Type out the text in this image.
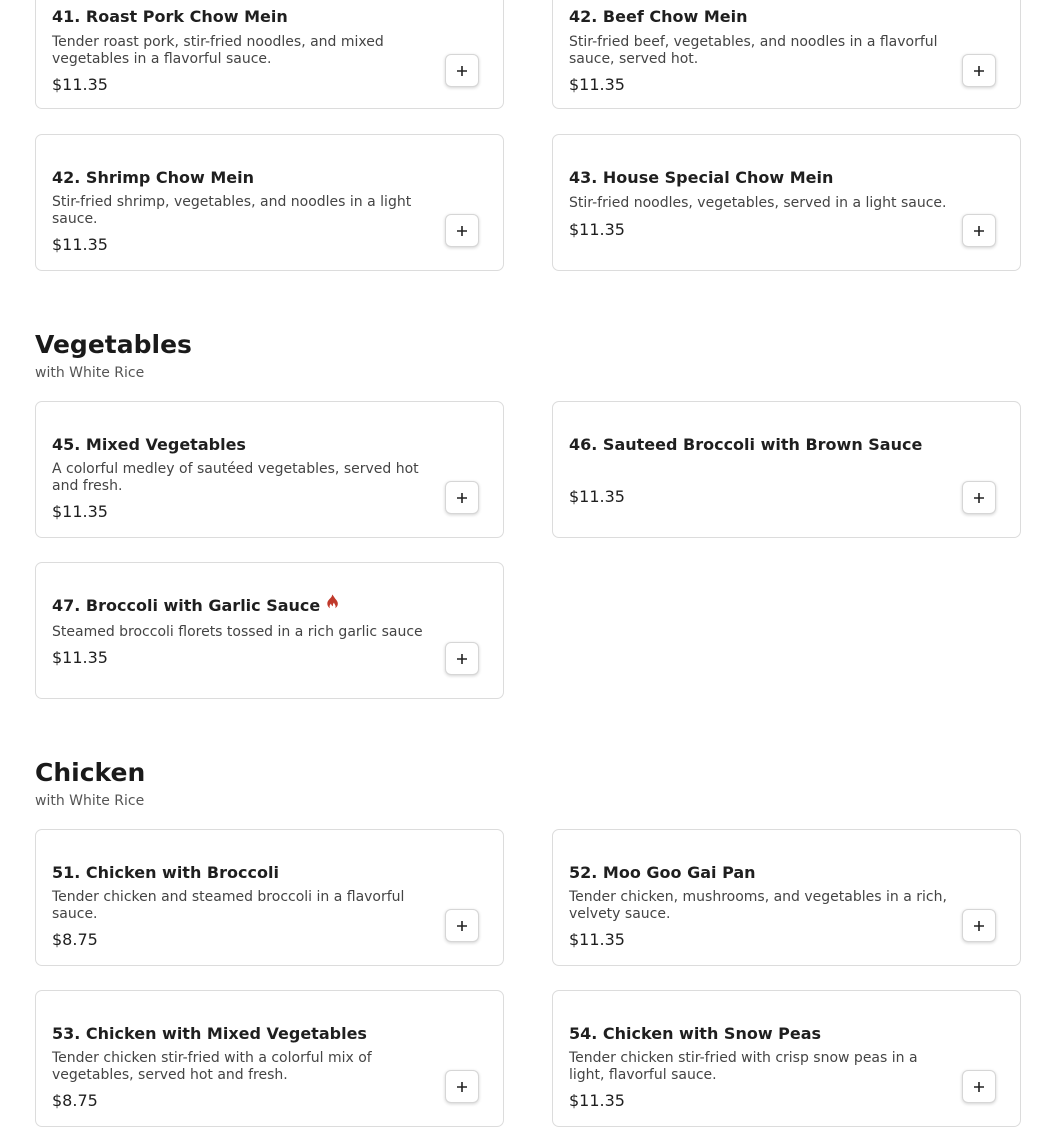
41. Roast Pork Chow Mein
Tender roast pork, stir-fried noodles, and mixed vegetables in a flavorful sauce.
$11.35
42. Beef Chow Mein
Stir-fried beef, vegetables, and noodles in a flavorful sauce, served hot.
$11.35
42. Shrimp Chow Mein
Stir-fried shrimp, vegetables, and noodles in a light sauce.
$11.35
43. House Special Chow Mein
Stir-fried noodles, vegetables, served in a light sauce.
$11.35
Vegetables
with White Rice
45. Mixed Vegetables
A colorful medley of sautéed vegetables, served hot and fresh.
$11.35
46. Sauteed Broccoli with Brown Sauce
$11.35
47. Broccoli with Garlic Sauce
Steamed broccoli florets tossed in a rich garlic sauce
$11.35
Chicken
with White Rice
51. Chicken with Broccoli
Tender chicken and steamed broccoli in a flavorful sauce.
$8.75
52. Moo Goo Gai Pan
Tender chicken, mushrooms, and vegetables in a rich, velvety sauce.
$11.35
53. Chicken with Mixed Vegetables
Tender chicken stir-fried with a colorful mix of vegetables, served hot and fresh.
$8.75
54. Chicken with Snow Peas
Tender chicken stir-fried with crisp snow peas in a light, flavorful sauce.
$11.35
